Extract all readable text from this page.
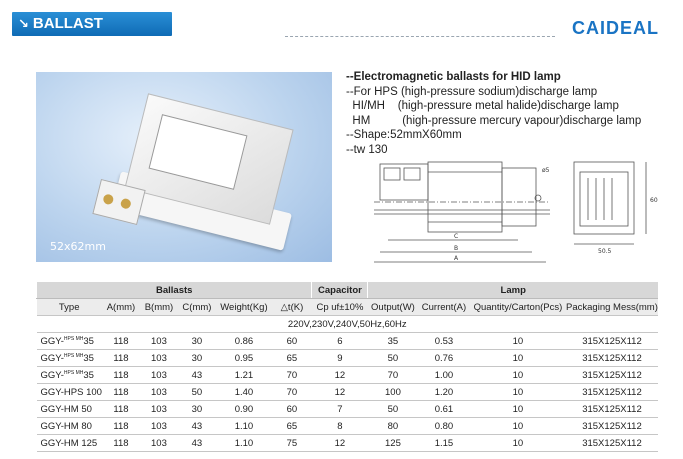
↘ BALLAST	CAIDEAL
52x62mm
--Electromagnetic ballasts for HID lamp
--For HPS (high-pressure sodium)discharge lamp
HI/MH    (high-pressure metal halide)discharge lamp
HM          (high-pressure mercury vapour)discharge lamp
--Shape:52mmX60mm
--tw 130
C
B
A
50.5
60
ø5
Ballasts						Capacitor	Lamp			
Type	A(mm)	B(mm)	C(mm)	Weight(Kg)	△t(K)	Cp uf±10%	Output(W)	Current(A)	Quantity/Carton(Pcs)	Packaging Mess(mm)
220V,230V,240V,50Hz,60Hz										
GGY-$^{HPS MH}$35	118	103	30	0.86	60	6	35	0.53	10	315X125X112
GGY-$^{HPS MH}$35	118	103	30	0.95	65	9	50	0.76	10	315X125X112
GGY-$^{HPS MH}$35	118	103	43	1.21	70	12	70	1.00	10	315X125X112
GGY-HPS 100	118	103	50	1.40	70	12	100	1.20	10	315X125X112
GGY-HM 50	118	103	30	0.90	60	7	50	0.61	10	315X125X112
GGY-HM 80	118	103	43	1.10	65	8	80	0.80	10	315X125X112
GGY-HM 125	118	103	43	1.10	75	12	125	1.15	10	315X125X112
